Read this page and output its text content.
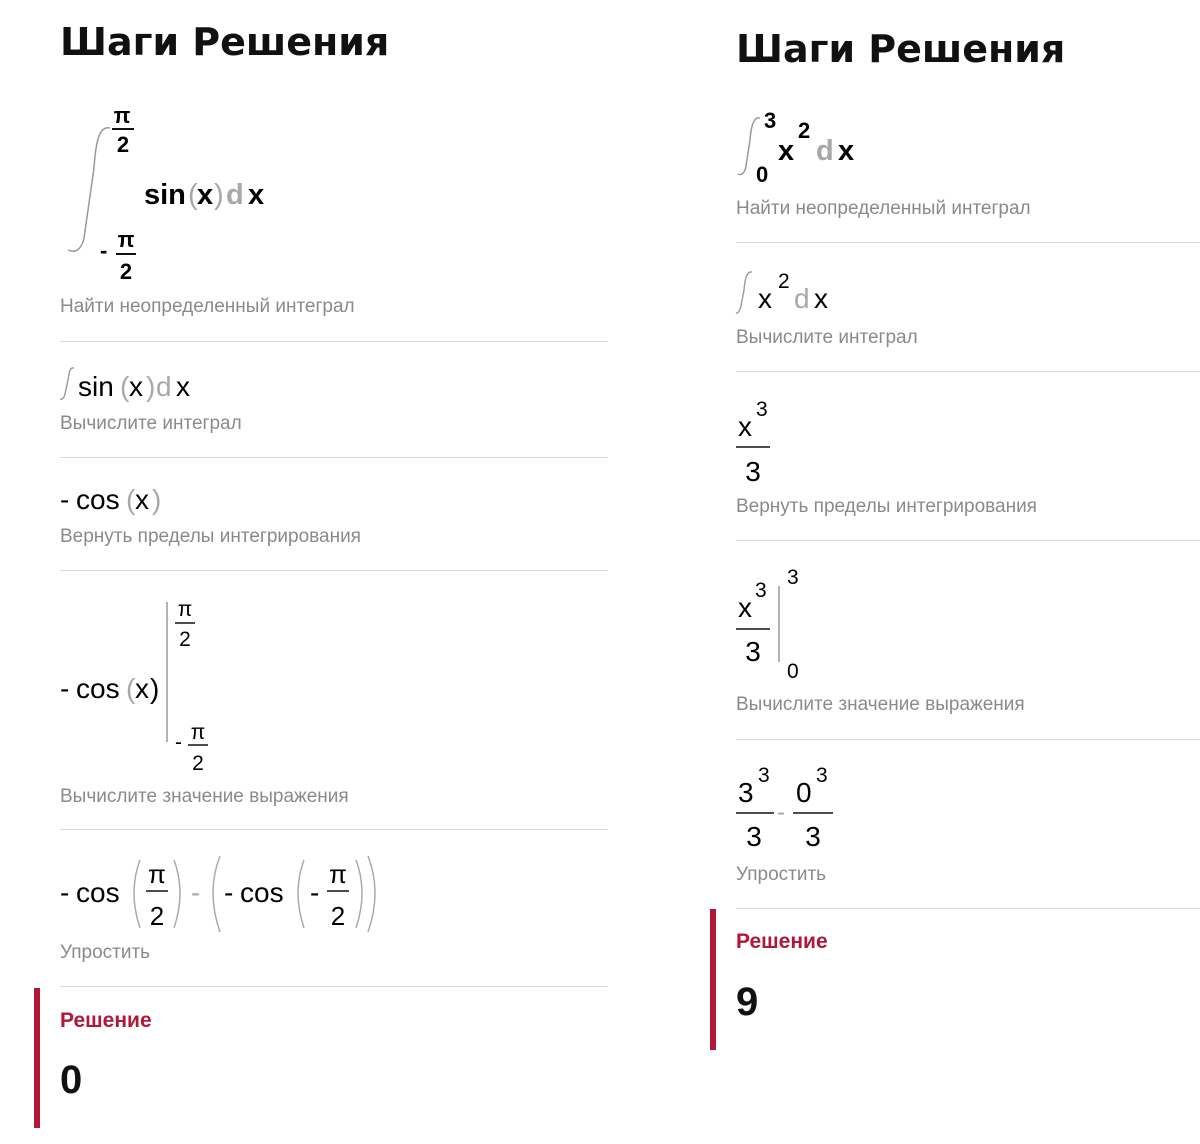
Шаги Решения
π
2
sin ( x ) d x
- π
2
Найти неопределенный интеграл
sin ( x ) d x
Вычислите интеграл
- cos ( x )
Вернуть пределы интегрирования
- cos ( x )
π
2
- π
2
Вычислите значение выражения
- cos
π
2
- - cos -
π
2
Упростить
Решение
0
Шаги Решения
3
0
x
2
d x
Найти неопределенный интеграл
x
2
d x
Вычислите интеграл
x
3
3
Вернуть пределы интегрирования
x
3
3
3
0
Вычислите значение выражения
3
3
3
-
0
3
3
Упростить
Решение
9
